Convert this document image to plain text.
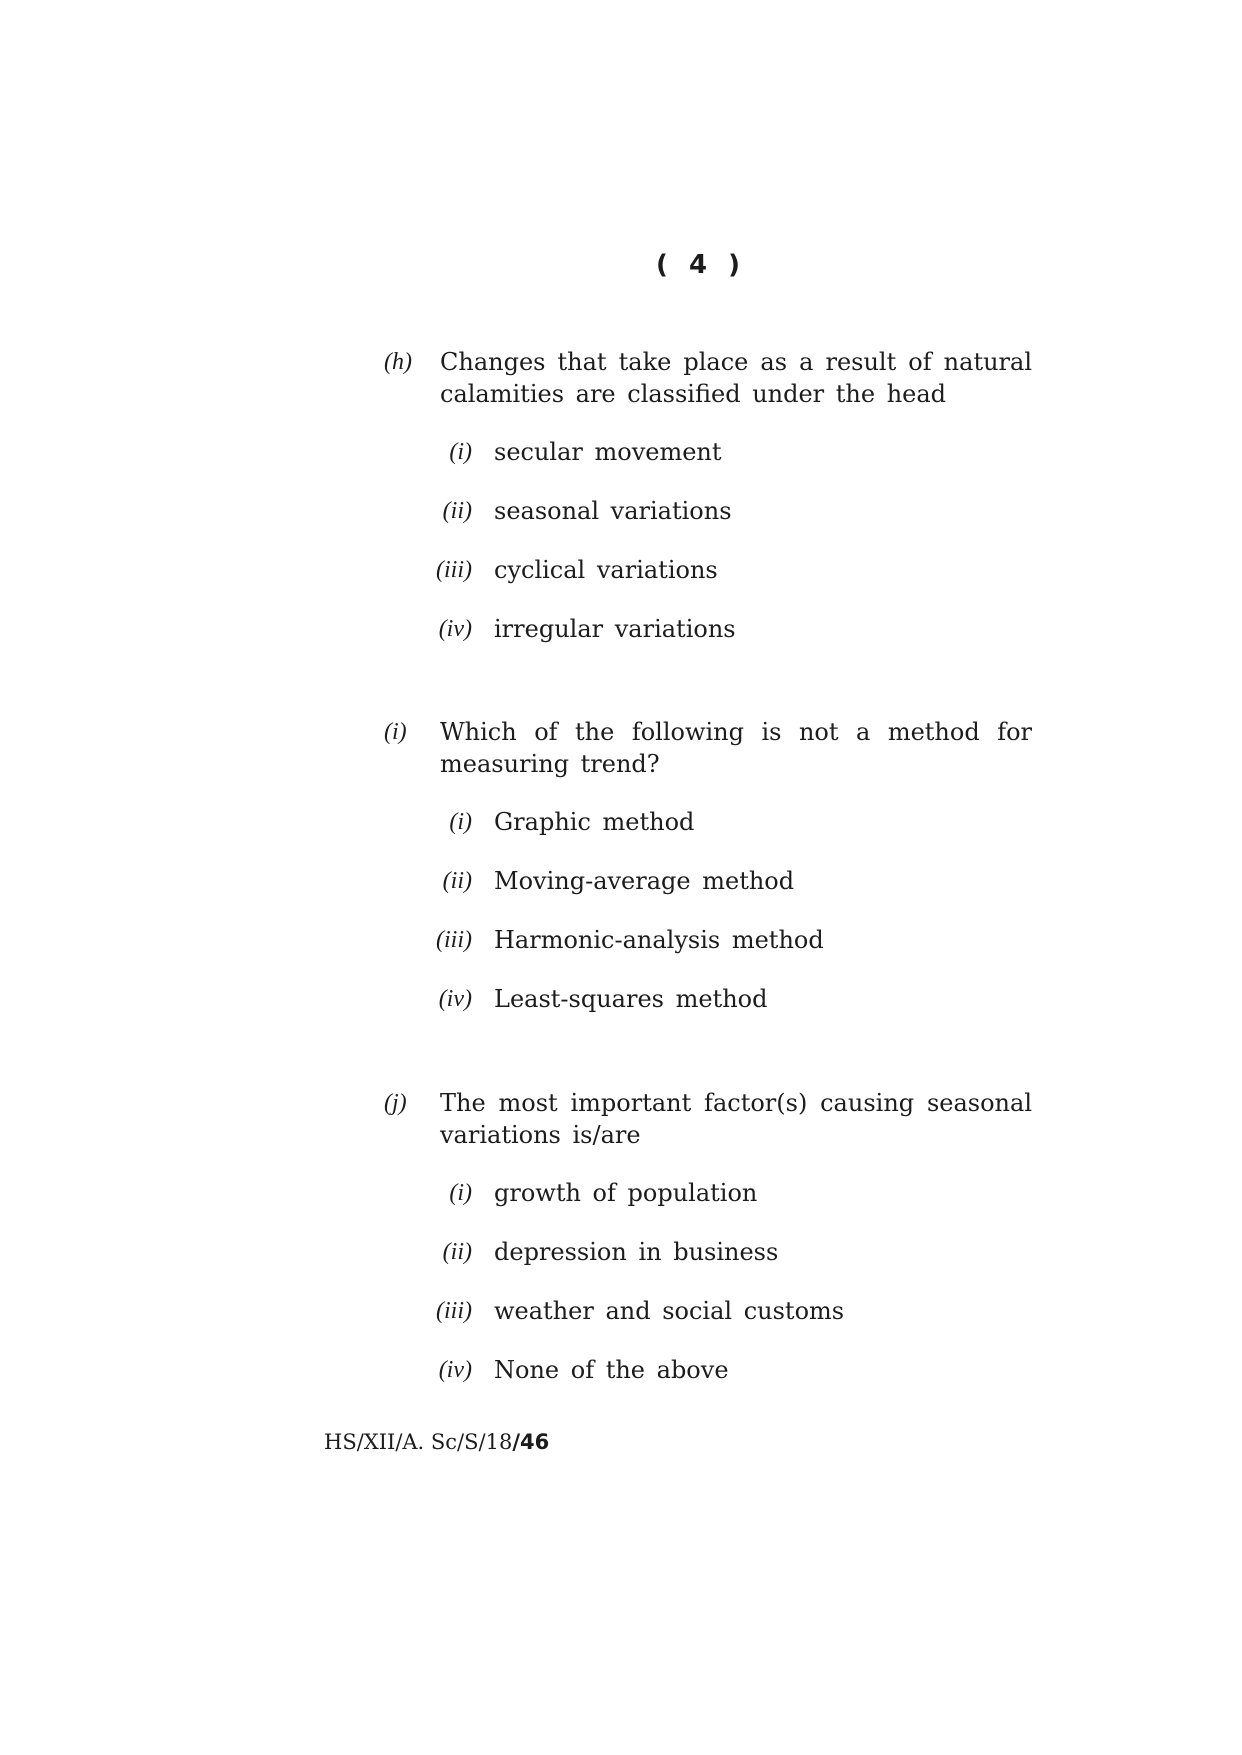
( 4 )
(h) Changes that take place as a result of natural calamities are classified under the head
(i) secular movement
(ii) seasonal variations
(iii) cyclical variations
(iv) irregular variations
(i) Which of the following is not a method for measuring trend?
(i) Graphic method
(ii) Moving-average method
(iii) Harmonic-analysis method
(iv) Least-squares method
(j) The most important factor(s) causing seasonal variations is/are
(i) growth of population
(ii) depression in business
(iii) weather and social customs
(iv) None of the above
HS/XII/A. Sc/S/18/46
